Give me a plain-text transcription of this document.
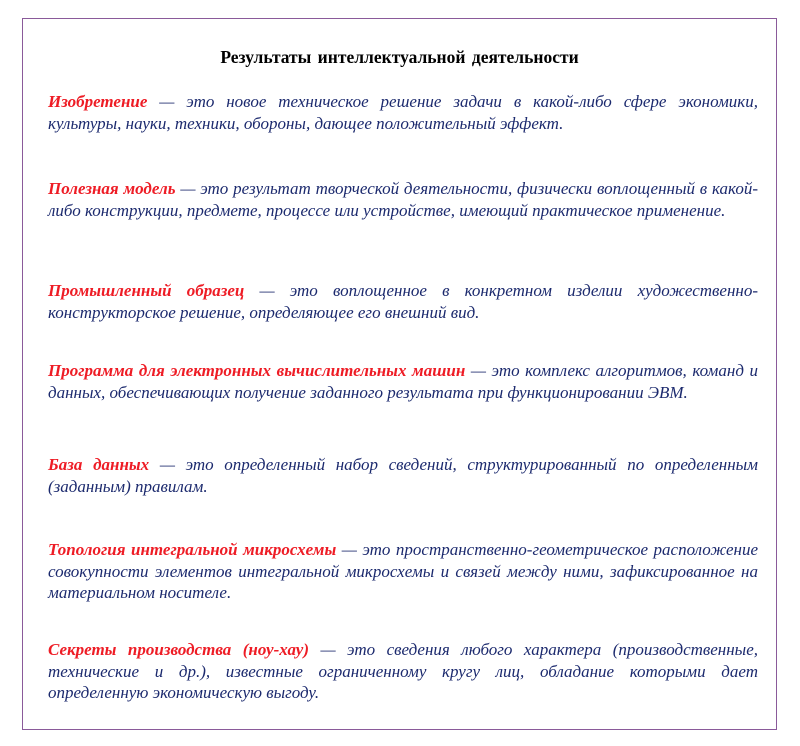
Результаты интеллектуальной деятельности

Изобретение — это новое техническое решение задачи в какой-либо сфере экономики, культуры, науки, техники, обороны, дающее положительный эффект.

Полезная модель — это результат творческой деятельности, физически воплощенный в какой-либо конструкции, предмете, процессе или устройстве, имеющий практическое применение.

Промышленный образец — это воплощенное в конкретном изделии художественно-конструкторское решение, определяющее его внешний вид.

Программа для электронных вычислительных машин — это комплекс алгоритмов, команд и данных, обеспечивающих получение заданного результата при функционировании ЭВМ.

База данных — это определенный набор сведений, структурированный по определенным (заданным) правилам.

Топология интегральной микросхемы — это пространственно-геометрическое расположение совокупности элементов интегральной микросхемы и связей между ними, зафиксированное на материальном носителе.

Секреты производства (ноу-хау) — это сведения любого характера (производственные, технические и др.), известные ограниченному кругу лиц, обладание которыми дает определенную экономическую выгоду.
